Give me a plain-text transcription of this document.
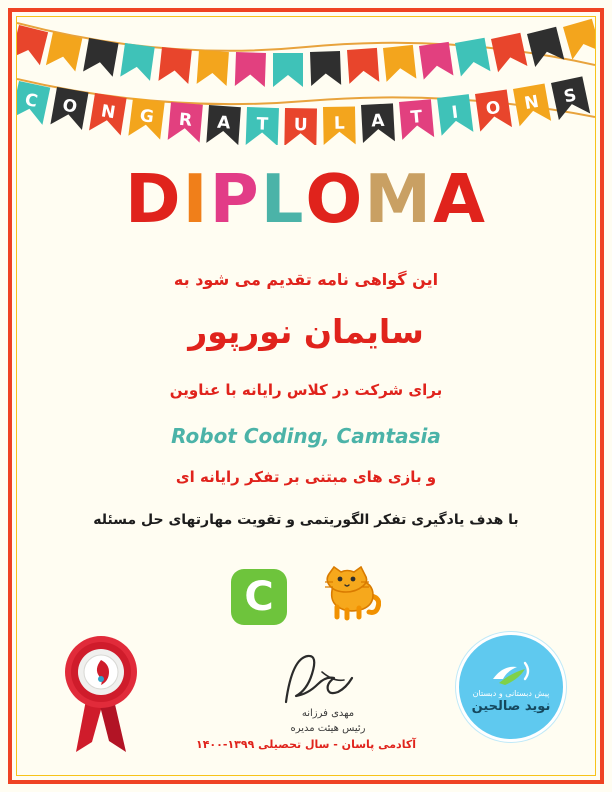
C O N G R A T U L A T I O N S
DIPLOMA
این گواهی نامه تقدیم می شود به
سایمان نورپور
برای شرکت در کلاس رایانه با عناوین
Robot Coding, Camtasia
و بازی های مبتنی بر تفکر رایانه ای
با هدف یادگیری تفکر الگوریتمی و تقویت مهارتهای حل مسئله
C
مهدی فرزانه
رئیس هیئت مدیره
پیش دبستانی و دبستان
نوید صالحین
آکادمی پاسان - سال تحصیلی ۱۳۹۹-۱۴۰۰
